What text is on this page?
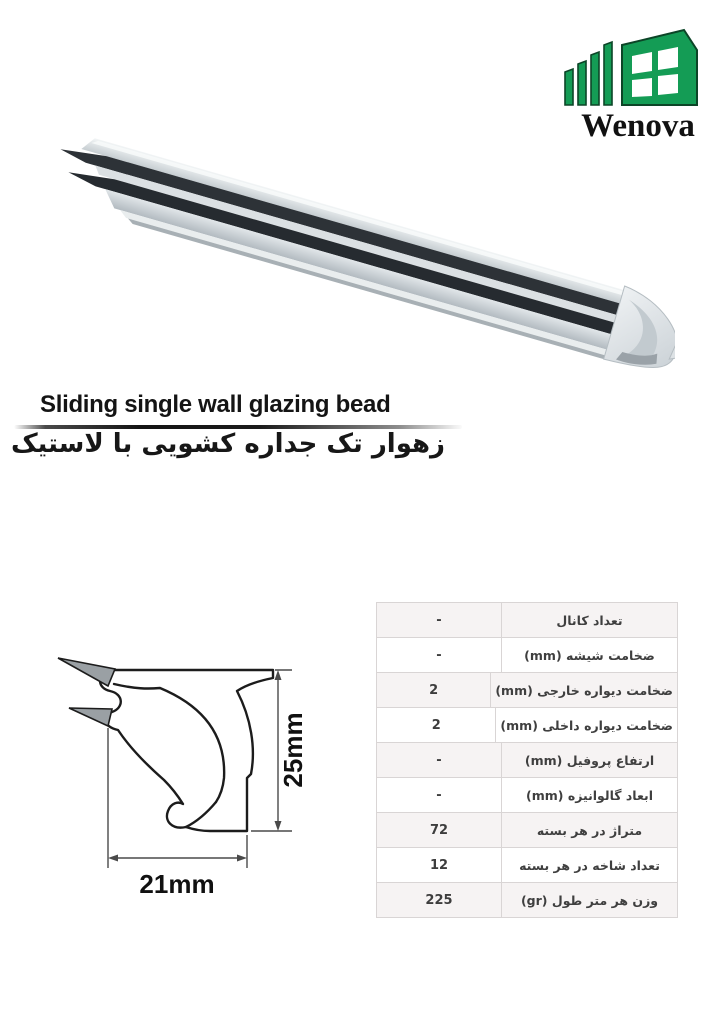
Wenova
Sliding single wall glazing bead
زهوار تک جداره کشویی با لاستیک
25mm
21mm
-	تعداد کانال
-	ضخامت شیشه (mm)
2	ضخامت دیواره خارجی (mm)
2	ضخامت دیواره داخلی (mm)
-	ارتفاع پروفیل (mm)
-	ابعاد گالوانیزه (mm)
72	متراژ در هر بسته
12	تعداد شاخه در هر بسته
225	وزن هر متر طول (gr)
